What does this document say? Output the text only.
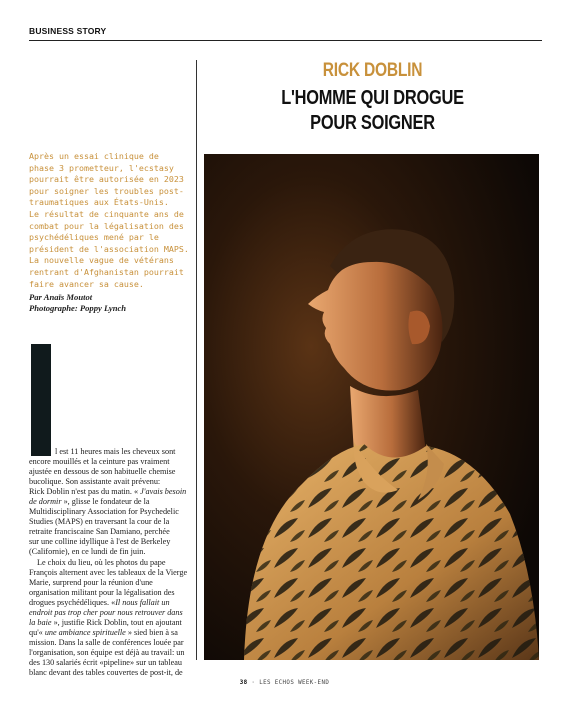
BUSINESS STORY
RICK DOBLIN
L'HOMME QUI DROGUE
POUR SOIGNER
Après un essai clinique de
phase 3 prometteur, l'ecstasy
pourrait être autorisée en 2023
pour soigner les troubles post-
traumatiques aux États-Unis.
Le résultat de cinquante ans de
combat pour la légalisation des
psychédéliques mené par le
président de l'association MAPS.
La nouvelle vague de vétérans
rentrant d'Afghanistan pourrait
faire avancer sa cause.
Par Anaïs Moutot
Photographe: Poppy Lynch
l est 11 heures mais les cheveux sont
encore mouillés et la ceinture pas vraiment
ajustée en dessous de son habituelle chemise
bucolique. Son assistante avait prévenu:
Rick Doblin n'est pas du matin. « J'avais besoin
de dormir », glisse le fondateur de la
Multidisciplinary Association for Psychedelic
Studies (MAPS) en traversant la cour de la
retraite franciscaine San Damiano, perchée
sur une colline idyllique à l'est de Berkeley
(Californie), en ce lundi de fin juin.
Le choix du lieu, où les photos du pape
François alternent avec les tableaux de la Vierge
Marie, surprend pour la réunion d'une
organisation militant pour la légalisation des
drogues psychédéliques. «Il nous fallait un
endroit pas trop cher pour nous retrouver dans
la baie », justifie Rick Doblin, tout en ajoutant
qu'« une ambiance spirituelle » sied bien à sa
mission. Dans la salle de conférences louée par
l'organisation, son équipe est déjà au travail: un
des 130 salariés écrit «pipeline» sur un tableau
blanc devant des tables couvertes de post-it, de
38 · LES ECHOS WEEK-END
